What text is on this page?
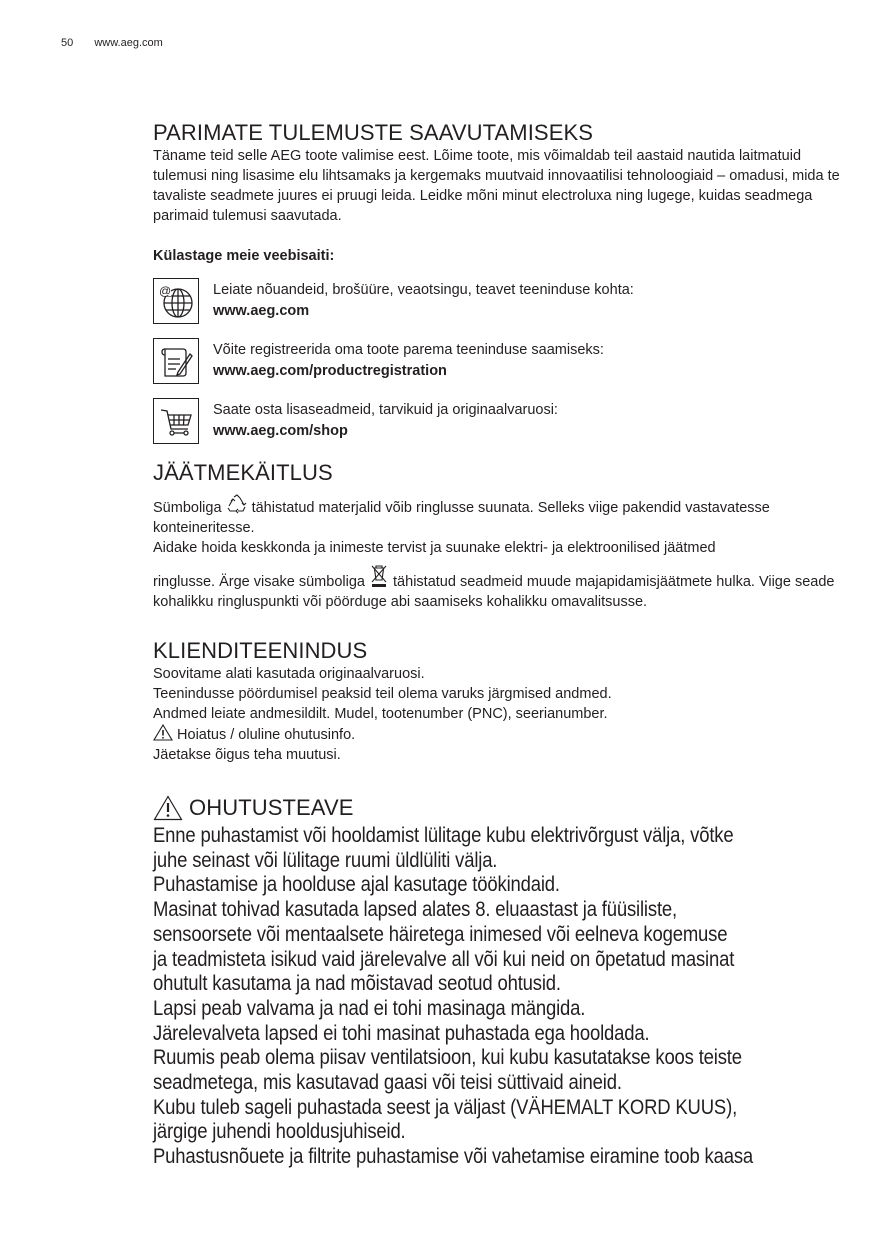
50 www.aeg.com
PARIMATE TULEMUSTE SAAVUTAMISEKS

Täname teid selle AEG toote valimise eest. Lõime toote, mis võimaldab teil aastaid nautida laitmatuid tulemusi ning lisasime elu lihtsamaks ja kergemaks muutvaid innovaatilisi tehnoloogiaid – omadusi, mida te tavaliste seadmete juures ei pruugi leida. Leidke mõni minut electroluxa ning lugege, kuidas seadmega parimaid tulemusi saavutada.

Külastage meie veebisaiti:
@	Leiate nõuandeid, brošüüre, veaotsingu, teavet teeninduse kohta:
www.aeg.com
Võite registreerida oma toote parema teeninduse saamiseks:
www.aeg.com/productregistration
Saate osta lisaseadmeid, tarvikuid ja originaalvaruosi:
www.aeg.com/shop
JÄÄTMEKÄITLUS

Sümboliga tähistatud materjalid võib ringlusse suunata. Selleks viige pakendid vastavatesse konteineritesse.

Aidake hoida keskkonda ja inimeste tervist ja suunake elektri- ja elektroonilised jäätmed

ringlusse. Ärge visake sümboliga tähistatud seadmeid muude majapidamisjäätmete hulka. Viige seade kohalikku ringluspunkti või pöörduge abi saamiseks kohalikku omavalitsusse.

KLIENDITEENINDUS

Soovitame alati kasutada originaalvaruosi.

Teenindusse pöördumisel peaksid teil olema varuks järgmised andmed.

Andmed leiate andmesildilt. Mudel, tootenumber (PNC), seerianumber.

Hoiatus / oluline ohutusinfo.

Jäetakse õigus teha muutusi.

OHUTUSTEAVE
Enne puhastamist või hooldamist lülitage kubu elektrivõrgust välja, võtke
juhe seinast või lülitage ruumi üldlüliti välja.
Puhastamise ja hoolduse ajal kasutage töökindaid.
Masinat tohivad kasutada lapsed alates 8. eluaastast ja füüsiliste,
sensoorsete või mentaalsete häiretega inimesed või eelneva kogemuse
ja teadmisteta isikud vaid järelevalve all või kui neid on õpetatud masinat
ohutult kasutama ja nad mõistavad seotud ohtusid.
Lapsi peab valvama ja nad ei tohi masinaga mängida.
Järelevalveta lapsed ei tohi masinat puhastada ega hooldada.
Ruumis peab olema piisav ventilatsioon, kui kubu kasutatakse koos teiste
seadmetega, mis kasutavad gaasi või teisi süttivaid aineid.
Kubu tuleb sageli puhastada seest ja väljast (VÄHEMALT KORD KUUS),
järgige juhendi hooldusjuhiseid.
Puhastusnõuete ja filtrite puhastamise või vahetamise eiramine toob kaasa
